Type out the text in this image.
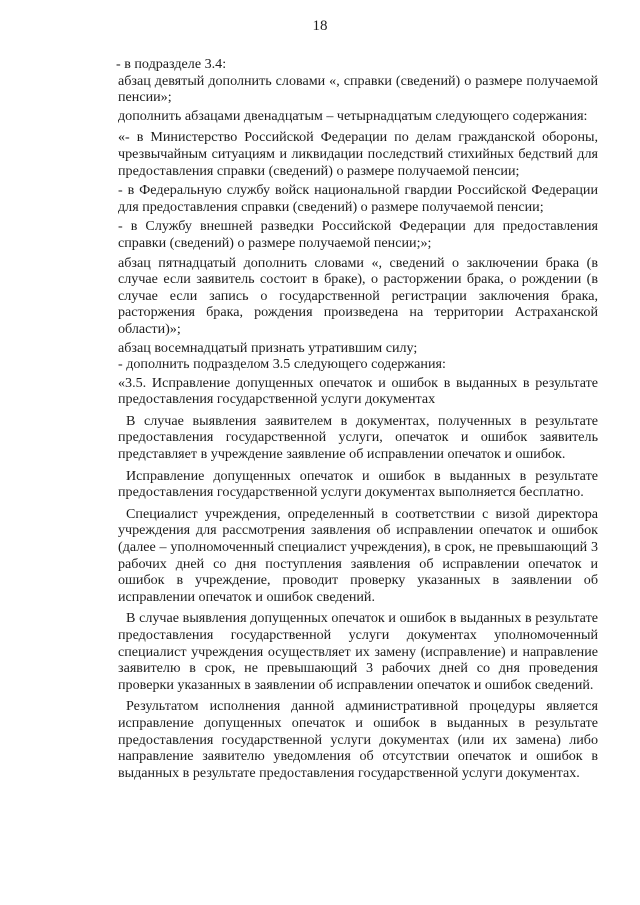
18

- в подразделе 3.4:

абзац девятый дополнить словами «, справки (сведений) о размере получаемой пенсии»;

дополнить абзацами двенадцатым – четырнадцатым следующего содержания:

«- в Министерство Российской Федерации по делам гражданской обороны, чрезвычайным ситуациям и ликвидации последствий стихийных бедствий для предоставления справки (сведений) о размере получаемой пенсии;

- в Федеральную службу войск национальной гвардии Российской Федерации для предоставления справки (сведений) о размере получаемой пенсии;

- в Службу внешней разведки Российской Федерации для предоставления справки (сведений) о размере получаемой пенсии;»;

абзац пятнадцатый дополнить словами «, сведений о заключении брака (в случае если заявитель состоит в браке), о расторжении брака, о рождении (в случае если запись о государственной регистрации заключения брака, расторжения брака, рождения произведена на территории Астраханской области)»;

абзац восемнадцатый признать утратившим силу;

- дополнить подразделом 3.5 следующего содержания:

«3.5. Исправление допущенных опечаток и ошибок в выданных в результате предоставления государственной услуги документах

В случае выявления заявителем в документах, полученных в результате предоставления государственной услуги, опечаток и ошибок заявитель представляет в учреждение заявление об исправлении опечаток и ошибок.

Исправление допущенных опечаток и ошибок в выданных в результате предоставления государственной услуги документах выполняется бесплатно.

Специалист учреждения, определенный в соответствии с визой директора учреждения для рассмотрения заявления об исправлении опечаток и ошибок (далее – уполномоченный специалист учреждения), в срок, не превышающий 3 рабочих дней со дня поступления заявления об исправлении опечаток и ошибок в учреждение, проводит проверку указанных в заявлении об исправлении опечаток и ошибок сведений.

В случае выявления допущенных опечаток и ошибок в выданных в результате предоставления государственной услуги документах уполномоченный специалист учреждения осуществляет их замену (исправление) и направление заявителю в срок, не превышающий 3 рабочих дней со дня проведения проверки указанных в заявлении об исправлении опечаток и ошибок сведений.

Результатом исполнения данной административной процедуры является исправление допущенных опечаток и ошибок в выданных в результате предоставления государственной услуги документах (или их замена) либо направление заявителю уведомления об отсутствии опечаток и ошибок в выданных в результате предоставления государственной услуги документах.
